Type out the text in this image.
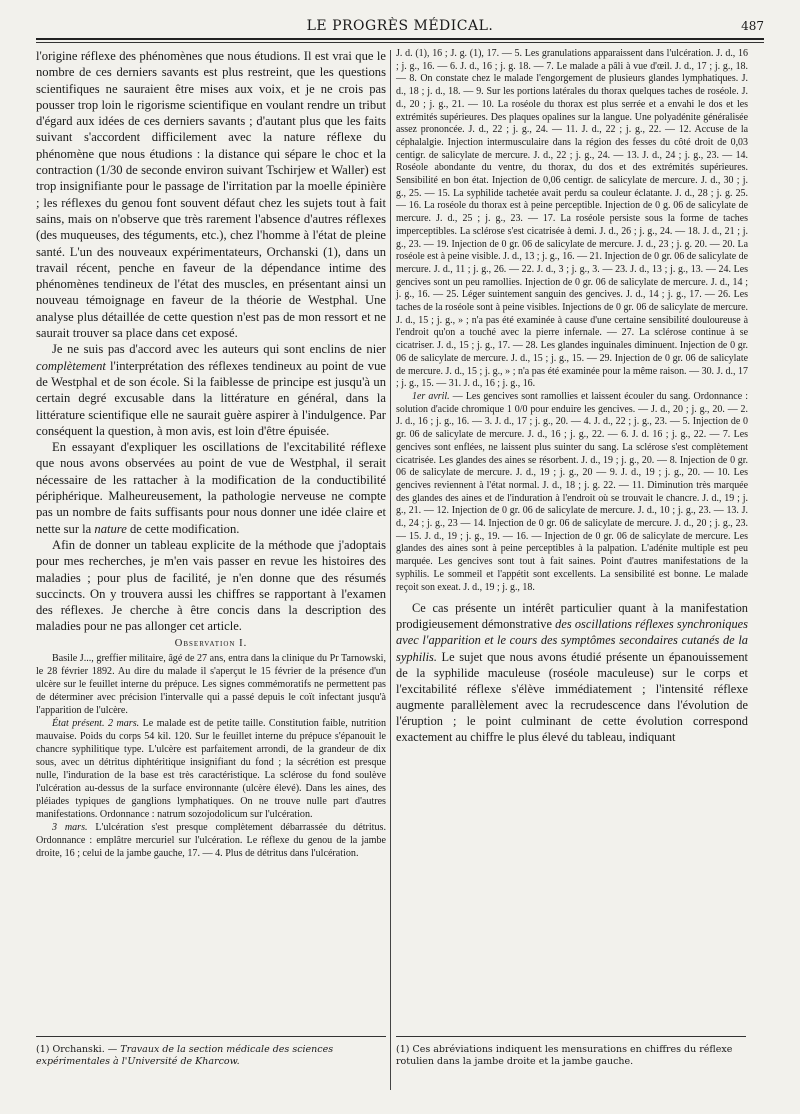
LE PROGRÈS MÉDICAL.	487

l'origine réflexe des phénomènes que nous étudions. Il est vrai que le nombre de ces derniers savants est plus restreint, que les questions scientifiques ne sauraient être mises aux voix, et je ne crois pas pousser trop loin le rigorisme scientifique en voulant rendre un tribut d'égard aux idées de ces derniers savants ; d'autant plus que les faits suivant s'accordent difficilement avec la nature réflexe du phénomène que nous étudions : la distance qui sépare le choc et la contraction (1/30 de seconde environ suivant Tschirjew et Waller) est trop insignifiante pour le passage de l'irritation par la moelle épinière ; les réflexes du genou font souvent défaut chez les sujets tout à fait sains, mais on n'observe que très rarement l'absence d'autres réflexes (des muqueuses, des téguments, etc.), chez l'homme à l'état de pleine santé. L'un des nouveaux expérimentateurs, Orchanski (1), dans un travail récent, penche en faveur de la dépendance intime des phénomènes tendineux de l'état des muscles, en présentant ainsi un nouveau témoignage en faveur de la théorie de Westphal. Une analyse plus détaillée de cette question n'est pas de mon ressort et ne saurait trouver sa place dans cet exposé.

Je ne suis pas d'accord avec les auteurs qui sont enclins de nier complètement l'interprétation des réflexes tendineux au point de vue de Westphal et de son école. Si la faiblesse de principe est jusqu'à un certain degré excusable dans la littérature en général, dans la littérature scientifique elle ne saurait guère aspirer à l'indulgence. Par conséquent la question, à mon avis, est loin d'être épuisée.

En essayant d'expliquer les oscillations de l'excitabilité réflexe que nous avons observées au point de vue de Westphal, il serait nécessaire de les rattacher à la modification de la conductibilité périphérique. Malheureusement, la pathologie nerveuse ne compte pas un nombre de faits suffisants pour nous donner une idée claire et nette sur la nature de cette modification.

Afin de donner un tableau explicite de la méthode que j'adoptais pour mes recherches, je m'en vais passer en revue les histoires des maladies ; pour plus de facilité, je n'en donne que des résumés succincts. On y trouvera aussi les chiffres se rapportant à l'examen des réflexes. Je cherche à être concis dans la description des maladies pour ne pas allonger cet article.

Observation I.

Basile J..., greffier militaire, âgé de 27 ans, entra dans la clinique du Pr Tarnowski, le 28 février 1892. Au dire du malade il s'aperçut le 15 février de la présence d'un ulcère sur le feuillet interne du prépuce. Les signes commémoratifs ne permettent pas de déterminer avec précision l'intervalle qui a passé depuis le coït infectant jusqu'à l'apparition de l'ulcère.

État présent. 2 mars. Le malade est de petite taille. Constitution faible, nutrition mauvaise. Poids du corps 54 kil. 120. Sur le feuillet interne du prépuce s'épanouit le chancre syphilitique type. L'ulcère est parfaitement arrondi, de la grandeur de dix sous, avec un détritus diphtéritique insignifiant du fond ; la sécrétion est presque nulle, l'induration de la base est très caractéristique. La sclérose du fond soulève l'ulcération au-dessus de la surface environnante (ulcère élevé). Dans les aines, des pléiades typiques de ganglions lymphatiques. On ne trouve nulle part d'autres manifestations. Ordonnance : natrum sozojodolicum sur l'ulcération.

3 mars. L'ulcération s'est presque complètement débarrassée du détritus. Ordonnance : emplâtre mercuriel sur l'ulcération. Le réflexe du genou de la jambe droite, 16 ; celui de la jambe gauche, 17. — 4. Plus de détritus dans l'ulcération.

(1) Orchanski. — Travaux de la section médicale des sciences expérimentales à l'Université de Kharcow.

J. d. (1), 16 ; J. g. (1), 17. — 5. Les granulations apparaissent dans l'ulcération. J. d., 16 ; j. g., 16. — 6. J. d., 16 ; j. g. 18. — 7. Le malade a pâli à vue d'œil. J. d., 17 ; j. g., 18. — 8. On constate chez le malade l'engorgement de plusieurs glandes lymphatiques. J. d., 18 ; j. d., 18. — 9. Sur les portions latérales du thorax quelques taches de roséole. J. d., 20 ; j. g., 21. — 10. La roséole du thorax est plus serrée et a envahi le dos et les extrémités supérieures. Des plaques opalines sur la langue. Une polyadénite généralisée assez prononcée. J. d., 22 ; j. g., 24. — 11. J. d., 22 ; j. g., 22. — 12. Accuse de la céphalalgie. Injection intermusculaire dans la région des fesses du côté droit de 0,03 centigr. de salicylate de mercure. J. d., 22 ; j. g., 24. — 13. J. d., 24 ; j. g., 23. — 14. Roséole abondante du ventre, du thorax, du dos et des extrémités supérieures. Sensibilité en bon état. Injection de 0,06 centigr. de salicylate de mercure. J. d., 30 ; j. g., 25. — 15. La syphilide tachetée avait perdu sa couleur éclatante. J. d., 28 ; j. g. 25. — 16. La roséole du thorax est à peine perceptible. Injection de 0 g. 06 de salicylate de mercure. J. d., 25 ; j. g., 23. — 17. La roséole persiste sous la forme de taches imperceptibles. La sclérose s'est cicatrisée à demi. J. d., 26 ; j. g., 24. — 18. J. d., 21 ; j. g., 23. — 19. Injection de 0 gr. 06 de salicylate de mercure. J. d., 23 ; j. g. 20. — 20. La roséole est à peine visible. J. d., 13 ; j. g., 16. — 21. Injection de 0 gr. 06 de salicylate de mercure. J. d., 11 ; j. g., 26. — 22. J. d., 3 ; j. g., 3. — 23. J. d., 13 ; j. g., 13. — 24. Les gencives sont un peu ramollies. Injection de 0 gr. 06 de salicylate de mercure. J. d., 14 ; j. g., 16. — 25. Léger suintement sanguin des gencives. J. d., 14 ; j. g., 17. — 26. Les taches de la roséole sont à peine visibles. Injections de 0 gr. 06 de salicylate de mercure. J. d., 15 ; j. g., » ; n'a pas été examinée à cause d'une certaine sensibilité douloureuse à l'endroit qu'on a touché avec la pierre infernale. — 27. La sclérose continue à se cicatriser. J. d., 15 ; j. g., 17. — 28. Les glandes inguinales diminuent. Injection de 0 gr. 06 de salicylate de mercure. J. d., 15 ; j. g., 15. — 29. Injection de 0 gr. 06 de salicylate de mercure. J. d., 15 ; j. g., » ; n'a pas été examinée pour la même raison. — 30. J. d., 17 ; j. g., 15. — 31. J. d., 16 ; j. g., 16.

1er avril. — Les gencives sont ramollies et laissent écouler du sang. Ordonnance : solution d'acide chromique 1 0/0 pour enduire les gencives. — J. d., 20 ; j. g., 20. — 2. J. d., 16 ; j. g., 16. — 3. J. d., 17 ; j. g., 20. — 4. J. d., 22 ; j. g., 23. — 5. Injection de 0 gr. 06 de salicylate de mercure. J. d., 16 ; j. g., 22. — 6. J. d. 16 ; j. g., 22. — 7. Les gencives sont enflées, ne laissent plus suinter du sang. La sclérose s'est complètement cicatrisée. Les glandes des aines se résorbent. J. d., 19 ; j. g., 20. — 8. Injection de 0 gr. 06 de salicylate de mercure. J. d., 19 ; j. g., 20 — 9. J. d., 19 ; j. g., 20. — 10. Les gencives reviennent à l'état normal. J. d., 18 ; j. g. 22. — 11. Diminution très marquée des glandes des aines et de l'induration à l'endroit où se trouvait le chancre. J. d., 19 ; j. g., 21. — 12. Injection de 0 gr. 06 de salicylate de mercure. J. d., 10 ; j. g., 23. — 13. J. d., 24 ; j. g., 23 — 14. Injection de 0 gr. 06 de salicylate de mercure. J. d., 20 ; j. g., 23. — 15. J. d., 19 ; j. g., 19. — 16. — Injection de 0 gr. 06 de salicylate de mercure. Les glandes des aines sont à peine perceptibles à la palpation. L'adénite multiple est peu marquée. Les gencives sont tout à fait saines. Point d'autres manifestations de la syphilis. Le sommeil et l'appétit sont excellents. La sensibilité est bonne. Le malade reçoit son exeat. J. d., 19 ; j. g., 18.

Ce cas présente un intérêt particulier quant à la manifestation prodigieusement démonstrative des oscillations réflexes synchroniques avec l'apparition et le cours des symptômes secondaires cutanés de la syphilis. Le sujet que nous avons étudié présente un épanouissement de la syphilide maculeuse (roséole maculeuse) sur le corps et l'excitabilité réflexe s'élève immédiatement ; l'intensité réflexe augmente parallèlement avec la recrudescence dans l'évolution de l'éruption ; le point culminant de cette évolution correspond exactement au chiffre le plus élevé du tableau, indiquant

(1) Ces abréviations indiquent les mensurations en chiffres du réflexe rotulien dans la jambe droite et la jambe gauche.
